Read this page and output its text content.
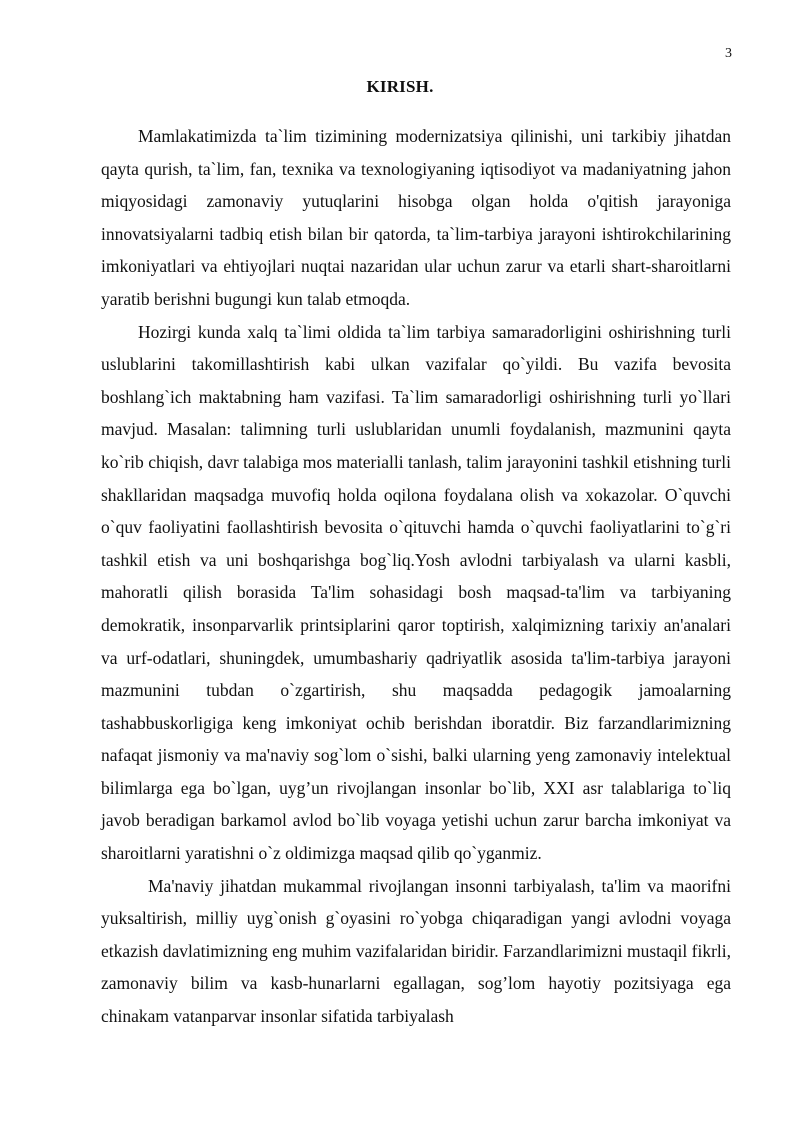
3
KIRISH.

Mamlakatimizda ta`lim tizimining modernizatsiya qilinishi, uni tarkibiy jihatdan qayta qurish, ta`lim, fan, texnika va texnologiyaning iqtisodiyot va madaniyatning jahon miqyosidagi zamonaviy yutuqlarini hisobga olgan holda o'qitish jarayoniga innovatsiyalarni tadbiq etish bilan bir qatorda, ta`lim-tarbiya jarayoni ishtirokchilarining imkoniyatlari va ehtiyojlari nuqtai nazaridan ular uchun zarur va etarli shart-sharoitlarni yaratib berishni bugungi kun talab etmoqda.

Hozirgi kunda xalq ta`limi oldida ta`lim tarbiya samaradorligini oshirishning turli uslublarini takomillashtirish kabi ulkan vazifalar qo`yildi. Bu vazifa bevosita boshlang`ich maktabning ham vazifasi. Ta`lim samaradorligi oshirishning turli yo`llari mavjud. Masalan: talimning turli uslublaridan unumli foydalanish, mazmunini qayta ko`rib chiqish, davr talabiga mos materialli tanlash, talim jarayonini tashkil etishning turli shakllaridan maqsadga muvofiq holda oqilona foydalana olish va xokazolar. O`quvchi o`quv faoliyatini faollashtirish bevosita o`qituvchi hamda o`quvchi faoliyatlarini to`g`ri tashkil etish va uni boshqarishga bog`liq.Yosh avlodni tarbiyalash va ularni kasbli, mahoratli qilish borasida Ta'lim sohasidagi bosh maqsad-ta'lim va tarbiyaning demokratik, insonparvarlik printsiplarini qaror toptirish, xalqimizning tarixiy an'analari va urf-odatlari, shuningdek, umumbashariy qadriyatlik asosida ta'lim-tarbiya jarayoni mazmunini tubdan o`zgartirish, shu maqsadda pedagogik jamoalarning tashabbuskorligiga keng imkoniyat ochib berishdan iboratdir. Biz farzandlarimizning nafaqat jismoniy va ma'naviy sog`lom o`sishi, balki ularning yeng zamonaviy intelektual bilimlarga ega bo`lgan, uyg’un rivojlangan insonlar bo`lib, XXI asr talablariga to`liq javob beradigan barkamol avlod bo`lib voyaga yetishi uchun zarur barcha imkoniyat va sharoitlarni yaratishni o`z oldimizga maqsad qilib qo`yganmiz.

Ma'naviy jihatdan mukammal rivojlangan insonni tarbiyalash, ta'lim va maorifni yuksaltirish, milliy uyg`onish g`oyasini ro`yobga chiqaradigan yangi avlodni voyaga etkazish davlatimizning eng muhim vazifalaridan biridir. Farzandlarimizni mustaqil fikrli, zamonaviy bilim va kasb-hunarlarni egallagan, sog’lom hayotiy pozitsiyaga ega chinakam vatanparvar insonlar sifatida tarbiyalash
